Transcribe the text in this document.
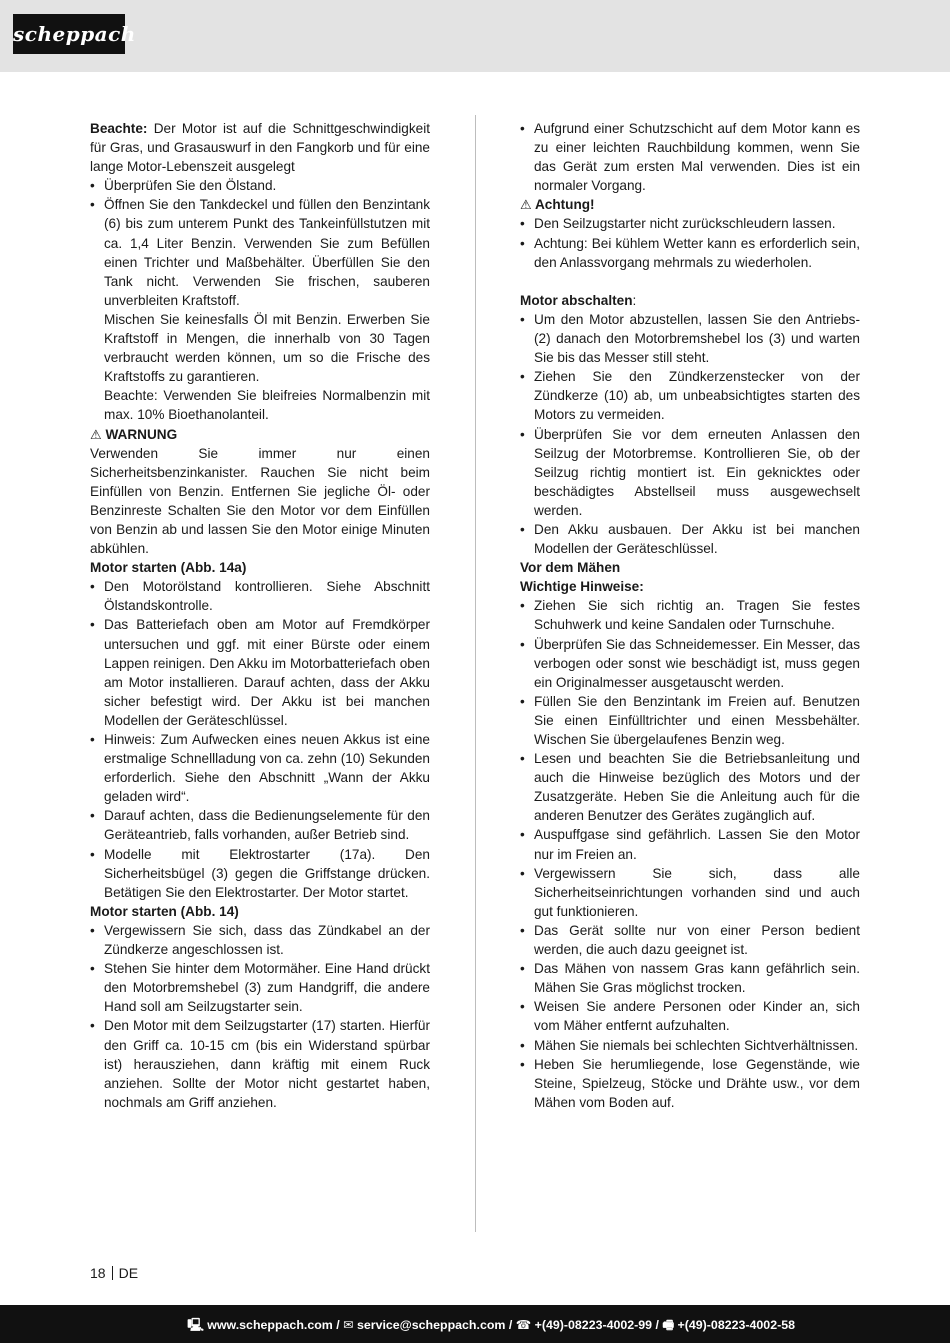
scheppach

Beachte: Der Motor ist auf die Schnittgeschwindigkeit für Gras, und Grasauswurf in den Fangkorb und für eine lange Motor-Lebenszeit ausgelegt

• Überprüfen Sie den Ölstand.
• Öffnen Sie den Tankdeckel und füllen den Benzintank (6) bis zum unterem Punkt des Tankeinfüllstutzen mit ca. 1,4 Liter Benzin. Verwenden Sie zum Befüllen einen Trichter und Maßbehälter. Überfüllen Sie den Tank nicht. Verwenden Sie frischen, sauberen unverbleiten Kraftstoff.

Mischen Sie keinesfalls Öl mit Benzin. Erwerben Sie Kraftstoff in Mengen, die innerhalb von 30 Tagen verbraucht werden können, um so die Frische des Kraftstoffs zu garantieren.

Beachte: Verwenden Sie bleifreies Normalbenzin mit max. 10% Bioethanolanteil.

⚠ WARNUNG

Verwenden Sie immer nur einen Sicherheitsbenzinkanister. Rauchen Sie nicht beim Einfüllen von Benzin. Entfernen Sie jegliche Öl- oder Benzinreste Schalten Sie den Motor vor dem Einfüllen von Benzin ab und lassen Sie den Motor einige Minuten abkühlen.

Motor starten (Abb. 14a)

• Den Motorölstand kontrollieren. Siehe Abschnitt Ölstandskontrolle.
• Das Batteriefach oben am Motor auf Fremdkörper untersuchen und ggf. mit einer Bürste oder einem Lappen reinigen. Den Akku im Motorbatteriefach oben am Motor installieren. Darauf achten, dass der Akku sicher befestigt wird. Der Akku ist bei manchen Modellen der Geräteschlüssel.
• Hinweis: Zum Aufwecken eines neuen Akkus ist eine erstmalige Schnellladung von ca. zehn (10) Sekunden erforderlich. Siehe den Abschnitt „Wann der Akku geladen wird“.
• Darauf achten, dass die Bedienungselemente für den Geräteantrieb, falls vorhanden, außer Betrieb sind.
• Modelle mit Elektrostarter (17a). Den Sicherheitsbügel (3) gegen die Griffstange drücken. Betätigen Sie den Elektrostarter. Der Motor startet.

Motor starten (Abb. 14)

• Vergewissern Sie sich, dass das Zündkabel an der Zündkerze angeschlossen ist.
• Stehen Sie hinter dem Motormäher. Eine Hand drückt den Motorbremshebel (3) zum Handgriff, die andere Hand soll am Seilzugstarter sein.
• Den Motor mit dem Seilzugstarter (17) starten. Hierfür den Griff ca. 10-15 cm (bis ein Widerstand spürbar ist) herausziehen, dann kräftig mit einem Ruck anziehen. Sollte der Motor nicht gestartet haben, nochmals am Griff anziehen.
• Aufgrund einer Schutzschicht auf dem Motor kann es zu einer leichten Rauchbildung kommen, wenn Sie das Gerät zum ersten Mal verwenden. Dies ist ein normaler Vorgang.

⚠ Achtung!

• Den Seilzugstarter nicht zurückschleudern lassen.
• Achtung: Bei kühlem Wetter kann es erforderlich sein, den Anlassvorgang mehrmals zu wiederholen.

Motor abschalten:

• Um den Motor abzustellen, lassen Sie den Antriebs- (2) danach den Motorbremshebel los (3) und warten Sie bis das Messer still steht.
• Ziehen Sie den Zündkerzenstecker von der Zündkerze (10) ab, um unbeabsichtigtes starten des Motors zu vermeiden.
• Überprüfen Sie vor dem erneuten Anlassen den Seilzug der Motorbremse. Kontrollieren Sie, ob der Seilzug richtig montiert ist. Ein geknicktes oder beschädigtes Abstellseil muss ausgewechselt werden.
• Den Akku ausbauen. Der Akku ist bei manchen Modellen der Geräteschlüssel.

Vor dem Mähen

Wichtige Hinweise:

• Ziehen Sie sich richtig an. Tragen Sie festes Schuhwerk und keine Sandalen oder Turnschuhe.
• Überprüfen Sie das Schneidemesser. Ein Messer, das verbogen oder sonst wie beschädigt ist, muss gegen ein Originalmesser ausgetauscht werden.
• Füllen Sie den Benzintank im Freien auf. Benutzen Sie einen Einfülltrichter und einen Messbehälter. Wischen Sie übergelaufenes Benzin weg.
• Lesen und beachten Sie die Betriebsanleitung und auch die Hinweise bezüglich des Motors und der Zusatzgeräte. Heben Sie die Anleitung auch für die anderen Benutzer des Gerätes zugänglich auf.
• Auspuffgase sind gefährlich. Lassen Sie den Motor nur im Freien an.
• Vergewissern Sie sich, dass alle Sicherheitseinrichtungen vorhanden sind und auch gut funktionieren.
• Das Gerät sollte nur von einer Person bedient werden, die auch dazu geeignet ist.
• Das Mähen von nassem Gras kann gefährlich sein. Mähen Sie Gras möglichst trocken.
• Weisen Sie andere Personen oder Kinder an, sich vom Mäher entfernt aufzuhalten.
• Mähen Sie niemals bei schlechten Sichtverhältnissen.
• Heben Sie herumliegende, lose Gegenstände, wie Steine, Spielzeug, Stöcke und Drähte usw., vor dem Mähen vom Boden auf.
18 DE
🖳 www.scheppach.com / ✉ service@scheppach.com / ☎ +(49)-08223-4002-99 / 🖷 +(49)-08223-4002-58
